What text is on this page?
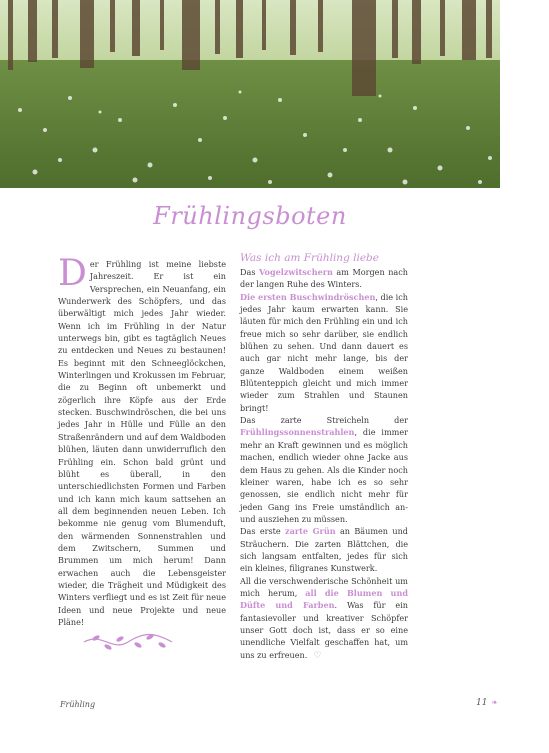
Frühlingsboten
Was ich am Frühling liebe
Der Frühling ist meine liebste Jahreszeit. Er ist ein Versprechen, ein Neuanfang, ein Wunderwerk des Schöpfers, und das überwältigt mich jedes Jahr wieder. Wenn ich im Frühling in der Natur unterwegs bin, gibt es tagtäglich Neues zu entdecken und Neues zu bestaunen! Es beginnt mit den Schneeglöckchen, Winterlingen und Krokussen im Februar, die zu Beginn oft unbemerkt und zögerlich ihre Köpfe aus der Erde stecken. Buschwindröschen, die bei uns jedes Jahr in Hülle und Fülle an den Straßenrändern und auf dem Waldboden blühen, läuten dann unwiderruflich den Frühling ein. Schon bald grünt und blüht es überall, in den unterschiedlichsten Formen und Farben und ich kann mich kaum sattsehen an all dem beginnenden neuen Leben. Ich bekomme nie genug vom Blumenduft, den wärmenden Sonnenstrahlen und dem Zwitschern, Summen und Brummen um mich herum! Dann erwachen auch die Lebensgeister wieder, die Trägheit und Müdigkeit des Winters verfliegt und es ist Zeit für neue Ideen und neue Projekte und neue Pläne!

Das Vogelzwitschern am Morgen nach der langen Ruhe des Winters.

Die ersten Buschwindröschen, die ich jedes Jahr kaum erwarten kann. Sie läuten für mich den Frühling ein und ich freue mich so sehr darüber, sie endlich blühen zu sehen. Und dann dauert es auch gar nicht mehr lange, bis der ganze Waldboden einem weißen Blütenteppich gleicht und mich immer wieder zum Strahlen und Staunen bringt!

Das zarte Streicheln der Frühlingssonnenstrahlen, die immer mehr an Kraft gewinnen und es möglich machen, endlich wieder ohne Jacke aus dem Haus zu gehen. Als die Kinder noch kleiner waren, habe ich es so sehr genossen, sie endlich nicht mehr für jeden Gang ins Freie umständlich an- und ausziehen zu müssen.

Das erste zarte Grün an Bäumen und Sträuchern. Die zarten Blättchen, die sich langsam entfalten, jedes für sich ein kleines, filigranes Kunstwerk.

All die verschwenderische Schönheit um mich herum, all die Blumen und Düfte und Farben. Was für ein fantasievoller und kreativer Schöpfer unser Gott doch ist, dass er so eine unendliche Vielfalt geschaffen hat, um uns zu erfreuen. ♡

Frühling	11 ❧
